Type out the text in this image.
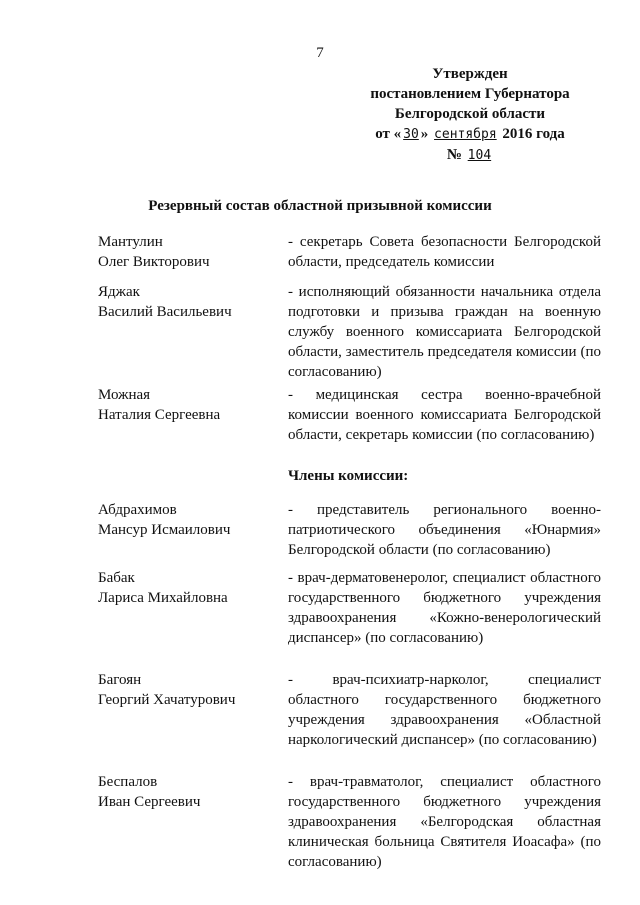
7
Утвержден
постановлением Губернатора
Белгородской области
от « 30 » сентября 2016 года
№ 104
Резервный состав областной призывной комиссии
Мантулин
Олег Викторович
- секретарь Совета безопасности Белгородской области, председатель комиссии
Яджак
Василий Васильевич
- исполняющий обязанности начальника отдела подготовки и призыва граждан на военную службу военного комиссариата Белгородской области, заместитель председателя комиссии (по согласованию)
Можная
Наталия Сергеевна
- медицинская сестра военно-врачебной комиссии военного комиссариата Белгородской области, секретарь комиссии (по согласованию)
Члены комиссии:
Абдрахимов
Мансур Исмаилович
- представитель регионального военно-патриотического объединения «Юнармия» Белгородской области (по согласованию)
Бабак
Лариса Михайловна
- врач-дерматовенеролог, специалист областного государственного бюджетного учреждения здравоохранения «Кожно-венерологический диспансер» (по согласованию)
Багоян
Георгий Хачатурович
- врач-психиатр-нарколог, специалист областного государственного бюджетного учреждения здравоохранения «Областной наркологический диспансер» (по согласованию)
Беспалов
Иван Сергеевич
- врач-травматолог, специалист областного государственного бюджетного учреждения здравоохранения «Белгородская областная клиническая больница Святителя Иоасафа» (по согласованию)
